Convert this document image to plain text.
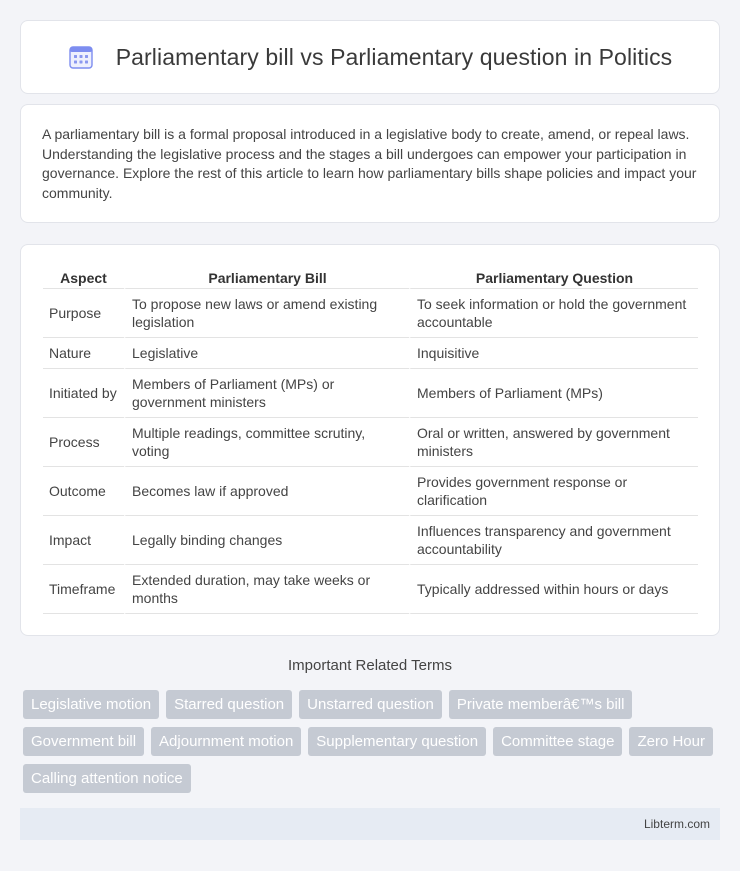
Parliamentary bill vs Parliamentary question in Politics

A parliamentary bill is a formal proposal introduced in a legislative body to create, amend, or repeal laws. Understanding the legislative process and the stages a bill undergoes can empower your participation in governance. Explore the rest of this article to learn how parliamentary bills shape policies and impact your community.

Aspect	Parliamentary Bill	Parliamentary Question
Purpose	To propose new laws or amend existing legislation	To seek information or hold the government accountable
Nature	Legislative	Inquisitive
Initiated by	Members of Parliament (MPs) or government ministers	Members of Parliament (MPs)
Process	Multiple readings, committee scrutiny, voting	Oral or written, answered by government ministers
Outcome	Becomes law if approved	Provides government response or clarification
Impact	Legally binding changes	Influences transparency and government accountability
Timeframe	Extended duration, may take weeks or months	Typically addressed within hours or days
Important Related Terms
Legislative motion	Starred question	Unstarred question	Private memberâ€™s bill
Government bill	Adjournment motion	Supplementary question	Committee stage	Zero Hour
Calling attention notice
Libterm.com
